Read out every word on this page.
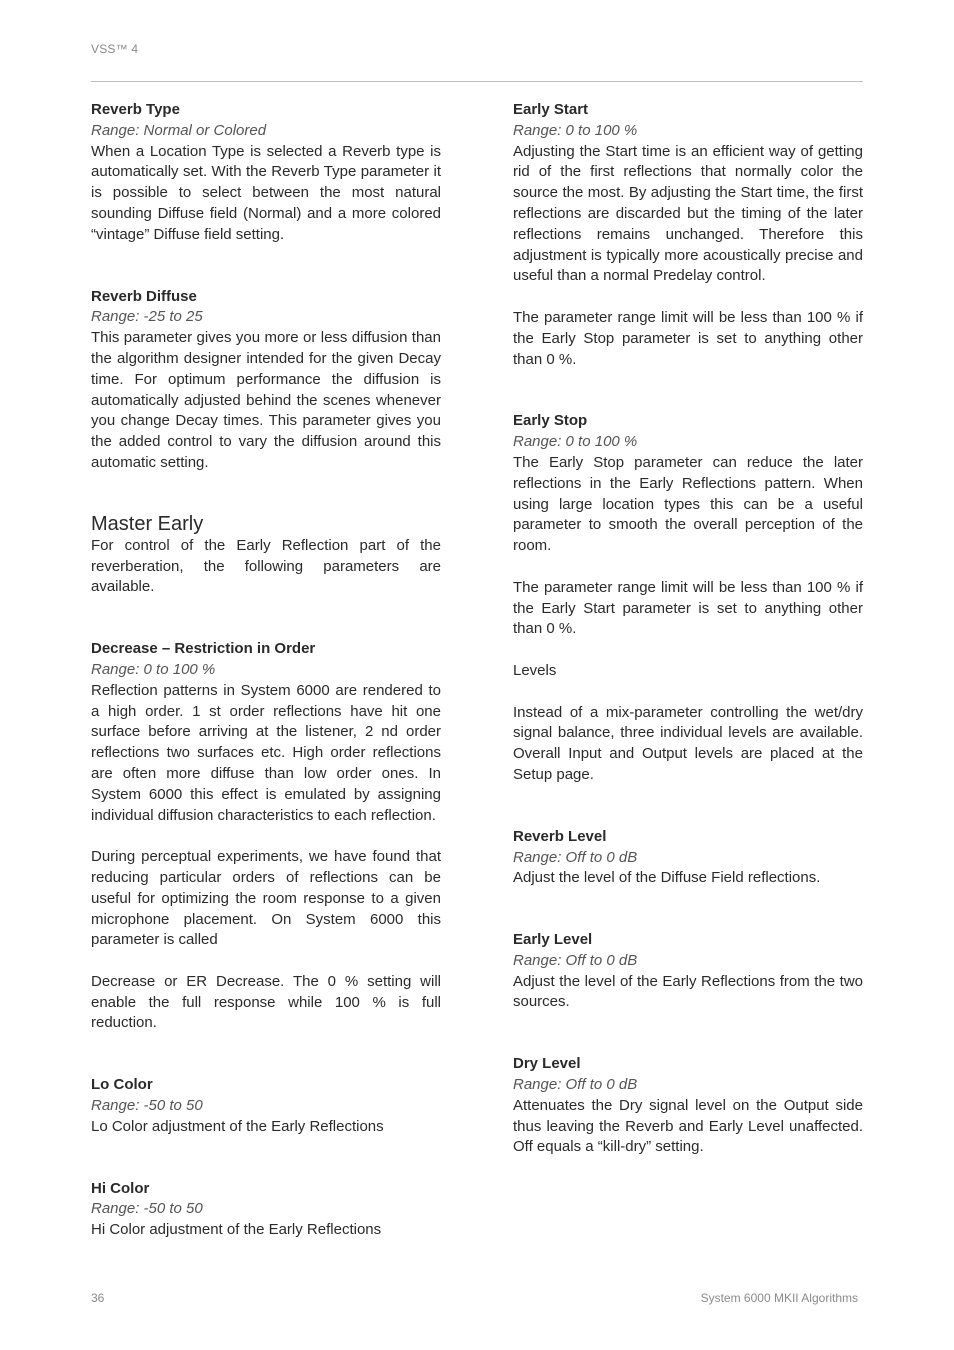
VSS™ 4

Reverb Type

Range: Normal or Colored

When a Location Type is selected a Reverb type is automatically set. With the Reverb Type parameter it is possible to select between the most natural sounding Diffuse field (Normal) and a more colored “vintage” Diffuse field setting.

Reverb Diffuse

Range: -25 to 25

This parameter gives you more or less diffusion than the algorithm designer intended for the given Decay time. For optimum performance the diffusion is automatically adjusted behind the scenes whenever you change Decay times. This parameter gives you the added control to vary the diffusion around this automatic setting.

Master Early

For control of the Early Reflection part of the reverberation, the following parameters are available.

Decrease – Restriction in Order

Range: 0 to 100 %

Reflection patterns in System 6000 are rendered to a high order. 1 st order reflections have hit one surface before arriving at the listener, 2 nd order reflections two surfaces etc. High order reflections are often more diffuse than low order ones. In System 6000 this effect is emulated by assigning individual diffusion characteristics to each reflection.

During perceptual experiments, we have found that reducing particular orders of reflections can be useful for optimizing the room response to a given microphone placement. On System 6000 this parameter is called

Decrease or ER Decrease. The 0 % setting will enable the full response while 100 % is full reduction.

Lo Color

Range: -50 to 50

Lo Color adjustment of the Early Reflections

Hi Color

Range: -50 to 50

Hi Color adjustment of the Early Reflections

Early Start

Range: 0 to 100 %

Adjusting the Start time is an efficient way of getting rid of the first reflections that normally color the source the most. By adjusting the Start time, the first reflections are discarded but the timing of the later reflections remains unchanged. Therefore this adjustment is typically more acoustically precise and useful than a normal Predelay control.

The parameter range limit will be less than 100 % if the Early Stop parameter is set to anything other than 0 %.

Early Stop

Range: 0 to 100 %

The Early Stop parameter can reduce the later reflections in the Early Reflections pattern. When using large location types this can be a useful parameter to smooth the overall perception of the room.

The parameter range limit will be less than 100 % if the Early Start parameter is set to anything other than 0 %.

Levels

Instead of a mix-parameter controlling the wet/dry signal balance, three individual levels are available. Overall Input and Output levels are placed at the Setup page.

Reverb Level

Range: Off to 0 dB

Adjust the level of the Diffuse Field reflections.

Early Level

Range: Off to 0 dB

Adjust the level of the Early Reflections from the two sources.

Dry Level

Range: Off to 0 dB

Attenuates the Dry signal level on the Output side thus leaving the Reverb and Early Level unaffected. Off equals a “kill-dry” setting.

36	System 6000 MKII Algorithms
